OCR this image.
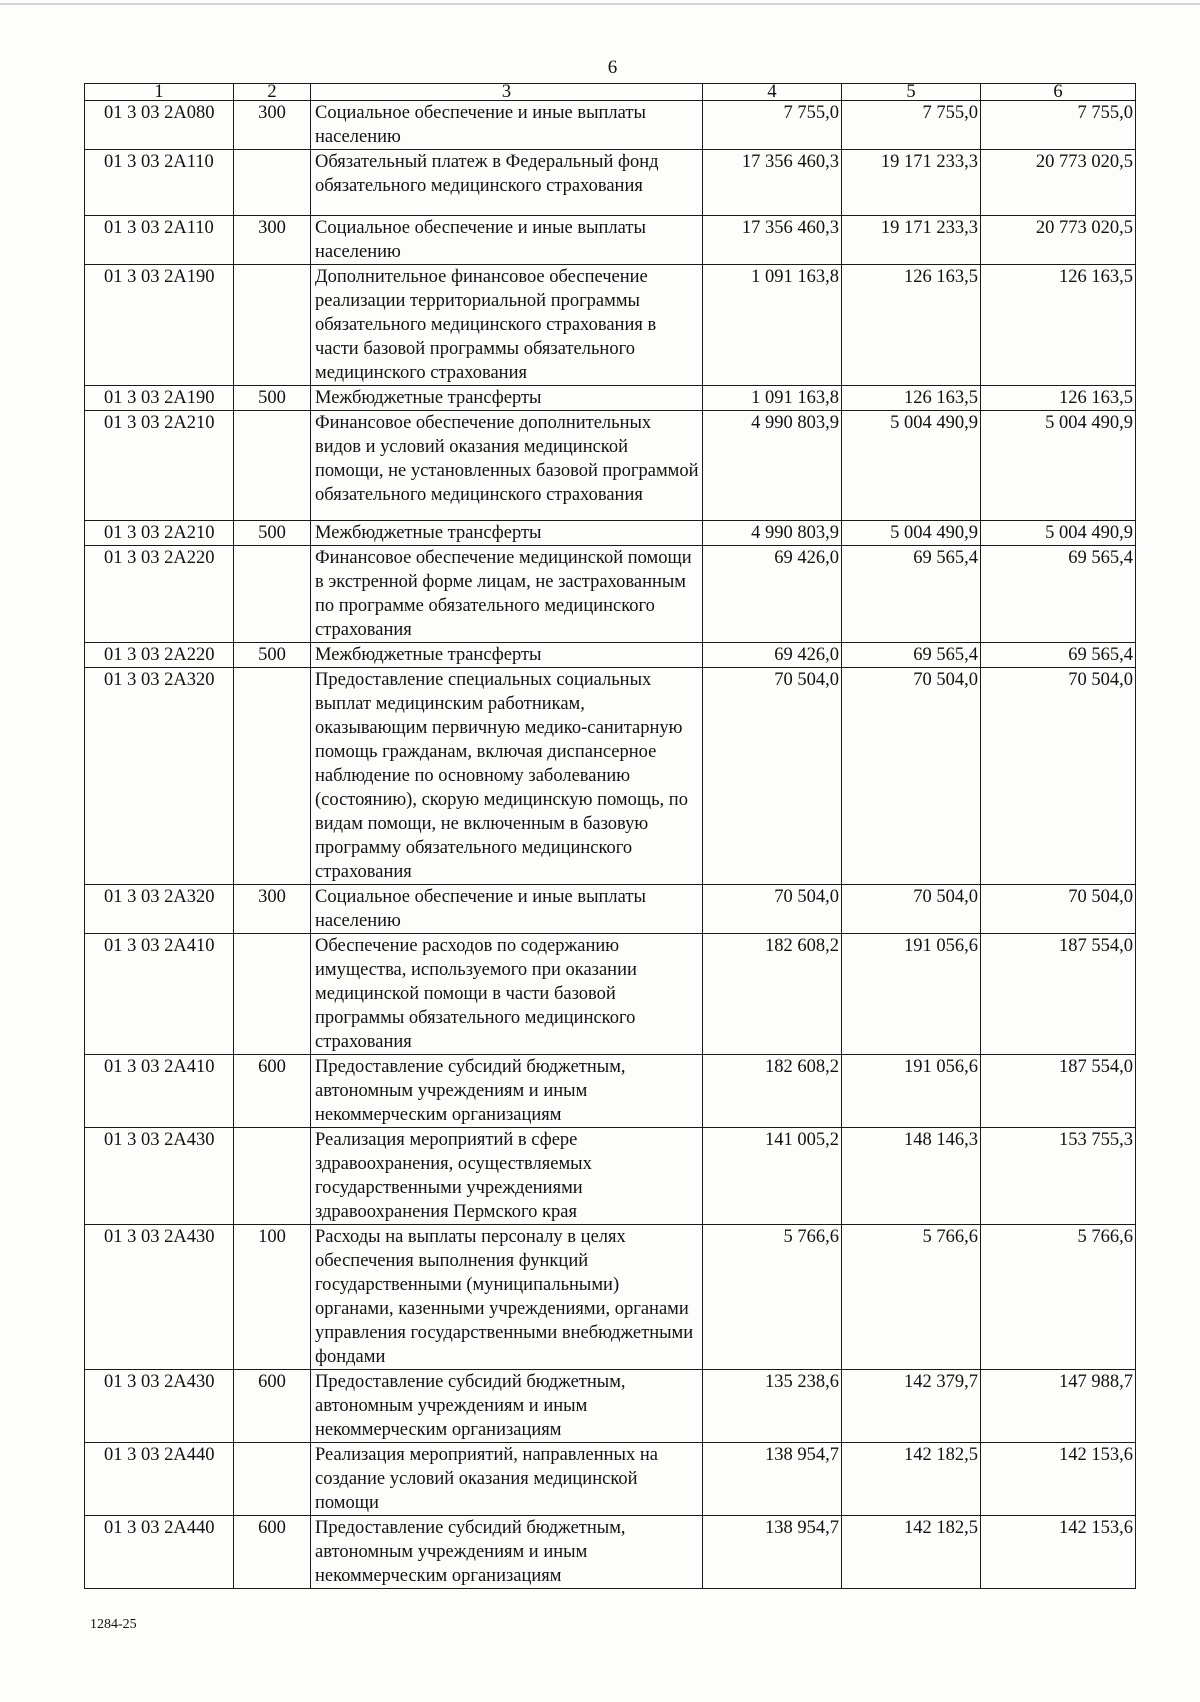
6
1	2	3	4	5	6
01 3 03 2A080	300	Социальное обеспечение и иные выплаты населению	7 755,0	7 755,0	7 755,0
01 3 03 2A110		Обязательный платеж в Федеральный фонд обязательного медицинского страхования	17 356 460,3	19 171 233,3	20 773 020,5
01 3 03 2A110	300	Социальное обеспечение и иные выплаты населению	17 356 460,3	19 171 233,3	20 773 020,5
01 3 03 2A190		Дополнительное финансовое обеспечение реализации территориальной программы обязательного медицинского страхования в части базовой программы обязательного медицинского страхования	1 091 163,8	126 163,5	126 163,5
01 3 03 2A190	500	Межбюджетные трансферты	1 091 163,8	126 163,5	126 163,5
01 3 03 2A210		Финансовое обеспечение дополнительных видов и условий оказания медицинской помощи, не установленных базовой программой обязательного медицинского страхования	4 990 803,9	5 004 490,9	5 004 490,9
01 3 03 2A210	500	Межбюджетные трансферты	4 990 803,9	5 004 490,9	5 004 490,9
01 3 03 2A220		Финансовое обеспечение медицинской помощи в экстренной форме лицам, не застрахованным по программе обязательного медицинского страхования	69 426,0	69 565,4	69 565,4
01 3 03 2A220	500	Межбюджетные трансферты	69 426,0	69 565,4	69 565,4
01 3 03 2A320		Предоставление специальных социальных выплат медицинским работникам, оказывающим первичную медико-санитарную помощь гражданам, включая диспансерное наблюдение по основному заболеванию (состоянию), скорую медицинскую помощь, по видам помощи, не включенным в базовую программу обязательного медицинского страхования	70 504,0	70 504,0	70 504,0
01 3 03 2A320	300	Социальное обеспечение и иные выплаты населению	70 504,0	70 504,0	70 504,0
01 3 03 2A410		Обеспечение расходов по содержанию имущества, используемого при оказании медицинской помощи в части базовой программы обязательного медицинского страхования	182 608,2	191 056,6	187 554,0
01 3 03 2A410	600	Предоставление субсидий бюджетным, автономным учреждениям и иным некоммерческим организациям	182 608,2	191 056,6	187 554,0
01 3 03 2A430		Реализация мероприятий в сфере здравоохранения, осуществляемых государственными учреждениями здравоохранения Пермского края	141 005,2	148 146,3	153 755,3
01 3 03 2A430	100	Расходы на выплаты персоналу в целях обеспечения выполнения функций государственными (муниципальными) органами, казенными учреждениями, органами управления государственными внебюджетными фондами	5 766,6	5 766,6	5 766,6
01 3 03 2A430	600	Предоставление субсидий бюджетным, автономным учреждениям и иным некоммерческим организациям	135 238,6	142 379,7	147 988,7
01 3 03 2A440		Реализация мероприятий, направленных на создание условий оказания медицинской помощи	138 954,7	142 182,5	142 153,6
01 3 03 2A440	600	Предоставление субсидий бюджетным, автономным учреждениям и иным некоммерческим организациям	138 954,7	142 182,5	142 153,6
1284-25
